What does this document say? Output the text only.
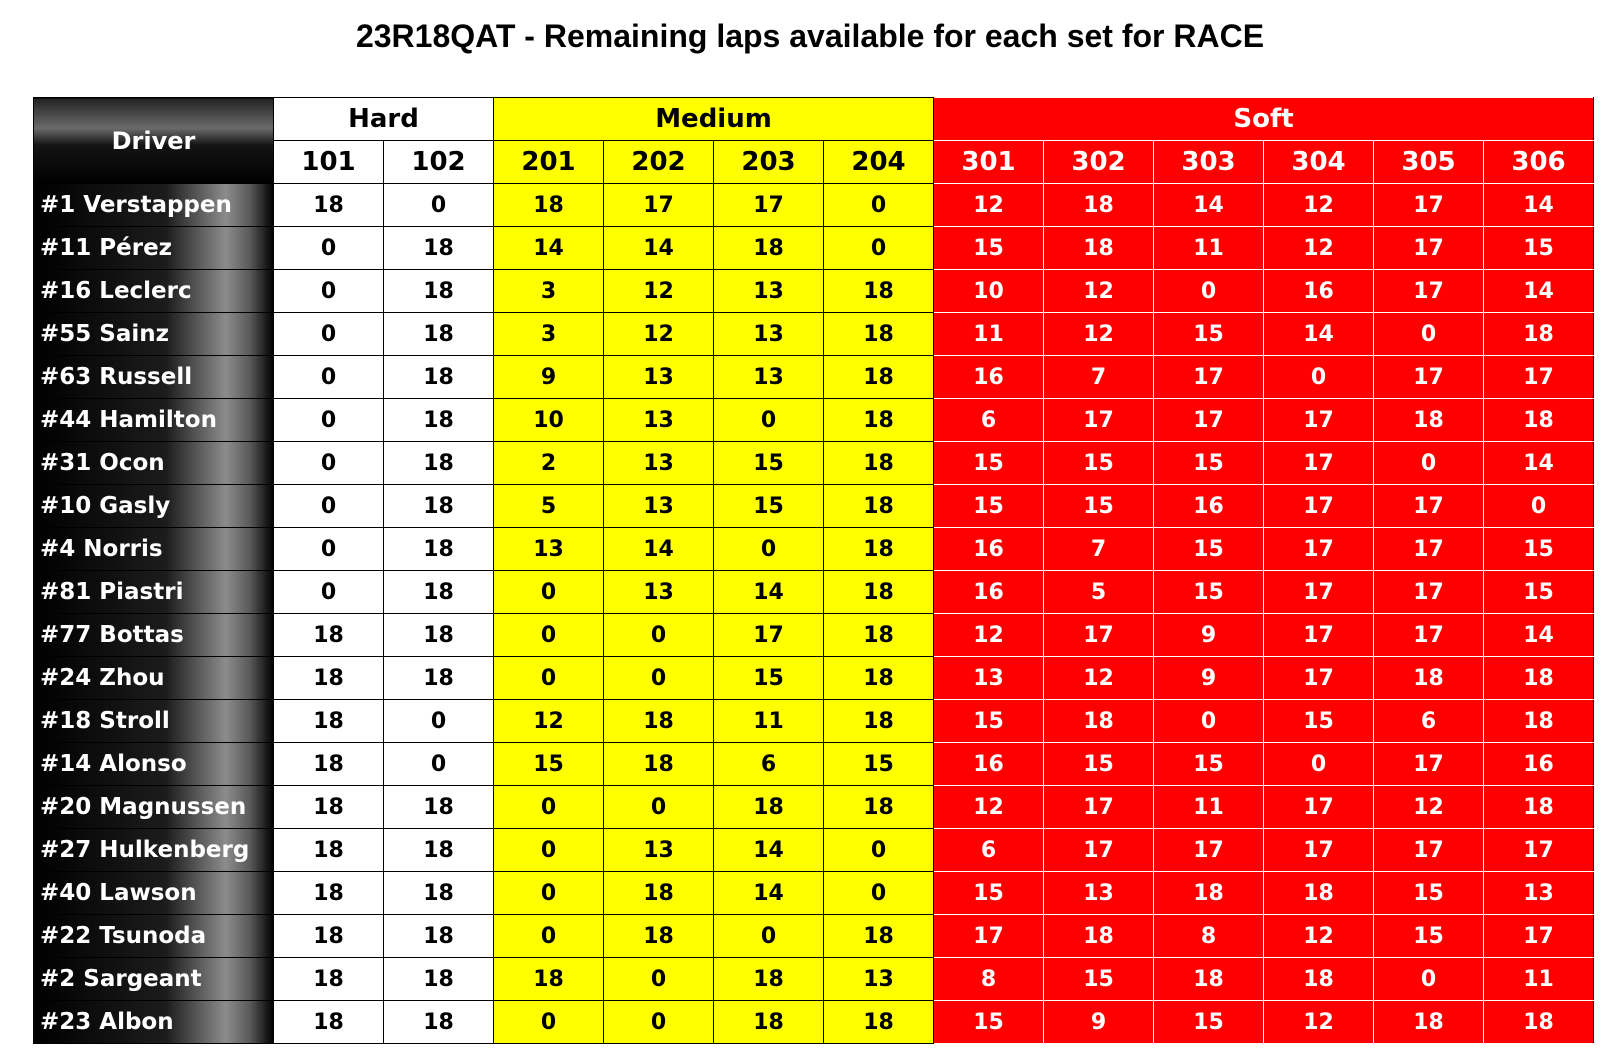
23R18QAT - Remaining laps available for each set for RACE
Driver	Hard		Medium				Soft					
	101	102	201	202	203	204	301	302	303	304	305	306
#1 Verstappen	18	0	18	17	17	0	12	18	14	12	17	14
#11 Pérez	0	18	14	14	18	0	15	18	11	12	17	15
#16 Leclerc	0	18	3	12	13	18	10	12	0	16	17	14
#55 Sainz	0	18	3	12	13	18	11	12	15	14	0	18
#63 Russell	0	18	9	13	13	18	16	7	17	0	17	17
#44 Hamilton	0	18	10	13	0	18	6	17	17	17	18	18
#31 Ocon	0	18	2	13	15	18	15	15	15	17	0	14
#10 Gasly	0	18	5	13	15	18	15	15	16	17	17	0
#4 Norris	0	18	13	14	0	18	16	7	15	17	17	15
#81 Piastri	0	18	0	13	14	18	16	5	15	17	17	15
#77 Bottas	18	18	0	0	17	18	12	17	9	17	17	14
#24 Zhou	18	18	0	0	15	18	13	12	9	17	18	18
#18 Stroll	18	0	12	18	11	18	15	18	0	15	6	18
#14 Alonso	18	0	15	18	6	15	16	15	15	0	17	16
#20 Magnussen	18	18	0	0	18	18	12	17	11	17	12	18
#27 Hulkenberg	18	18	0	13	14	0	6	17	17	17	17	17
#40 Lawson	18	18	0	18	14	0	15	13	18	18	15	13
#22 Tsunoda	18	18	0	18	0	18	17	18	8	12	15	17
#2 Sargeant	18	18	18	0	18	13	8	15	18	18	0	11
#23 Albon	18	18	0	0	18	18	15	9	15	12	18	18
